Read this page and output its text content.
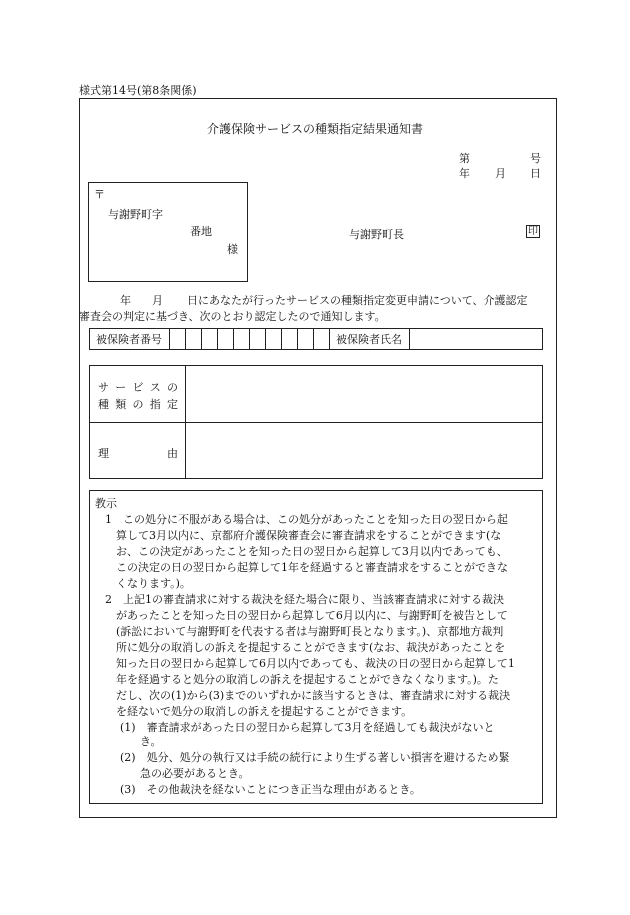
様式第14号(第8条関係)
介護保険サービスの種類指定結果通知書
第	号
年 月 日
〒
与謝野町字
番地
様
与謝野町長	印
年 月 日にあなたが行ったサービスの種類指定変更申請について、介護認定
審査会の判定に基づき、次のとおり認定したので通知します。
被保険者番号	被保険者氏名
サ ー ビ ス の
種 類 の 指 定
理	由
教示
1　この処分に不服がある場合は、この処分があったことを知った日の翌日から起
算して3月以内に、京都府介護保険審査会に審査請求をすることができます(な
お、この決定があったことを知った日の翌日から起算して3月以内であっても、
この決定の日の翌日から起算して1年を経過すると審査請求をすることができな
くなります。)。
2　上記1の審査請求に対する裁決を経た場合に限り、当該審査請求に対する裁決
があったことを知った日の翌日から起算して6月以内に、与謝野町を被告として
(訴訟において与謝野町を代表する者は与謝野町長となります。)、京都地方裁判
所に処分の取消しの訴えを提起することができます(なお、裁決があったことを
知った日の翌日から起算して6月以内であっても、裁決の日の翌日から起算して1
年を経過すると処分の取消しの訴えを提起することができなくなります。)。た
だし、次の(1)から(3)までのいずれかに該当するときは、審査請求に対する裁決
を経ないで処分の取消しの訴えを提起することができます。
(1)　審査請求があった日の翌日から起算して3月を経過しても裁決がないと
き。
(2)　処分、処分の執行又は手続の続行により生ずる著しい損害を避けるため緊
急の必要があるとき。
(3)　その他裁決を経ないことにつき正当な理由があるとき。
